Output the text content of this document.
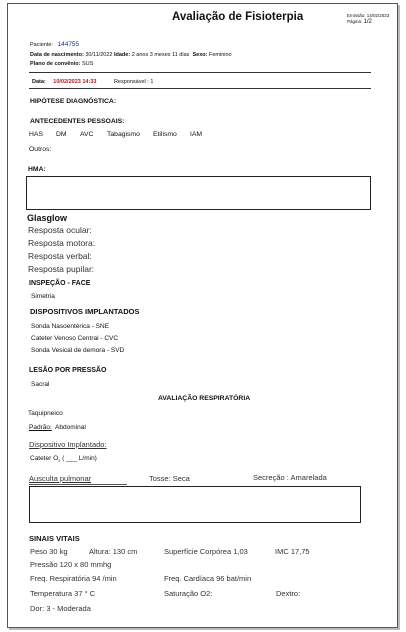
Avaliação de Fisioterpia	Emissão: 14/02/2023
Página: 1/2
Paciente: 144755
Data de nascimento: 30/11/2022 Idade: 2 anos 3 meses 11 dias Sexo: Feminino
Plano de convênio: SUS
Data: 10/02/2023 14:33	Responsável : 1
HIPÓTESE DIAGNÓSTICA:
ANTECEDENTES PESSOAIS:
HAS DM AVC Tabagismo Etilismo IAM
Outros:
HMA:
Glasglow
Resposta ocular:
Resposta motora:
Resposta verbal:
Resposta pupilar:
INSPEÇÃO - FACE
Simetria
DISPOSITIVOS IMPLANTADOS
Sonda Nasoentérica - SNE
Cateter Venoso Central - CVC
Sonda Vesical de demora - SVD
LESÃO POR PRESSÃO
Sacral
AVALIAÇÃO RESPIRATÓRIA
Taquipneico
Padrão: Abdominal
Dispositivo Implantado:
Cateter $O_2$ ( ___ L/min)
Ausculta pulmonar	Tosse: Seca	Secreção : Amarelada
SINAIS VITAIS
Peso 30 kg	Altura: 130 cm	Superfície Corpórea 1,03	IMC 17,75
Pressão 120 x 80 mmhg
Freq. Respiratória 94 /min	Freq. Cardíaca 96 bat/min
Temperatura 37 ° C	Saturação O2:	Dextro:
Dor: 3 - Moderada
